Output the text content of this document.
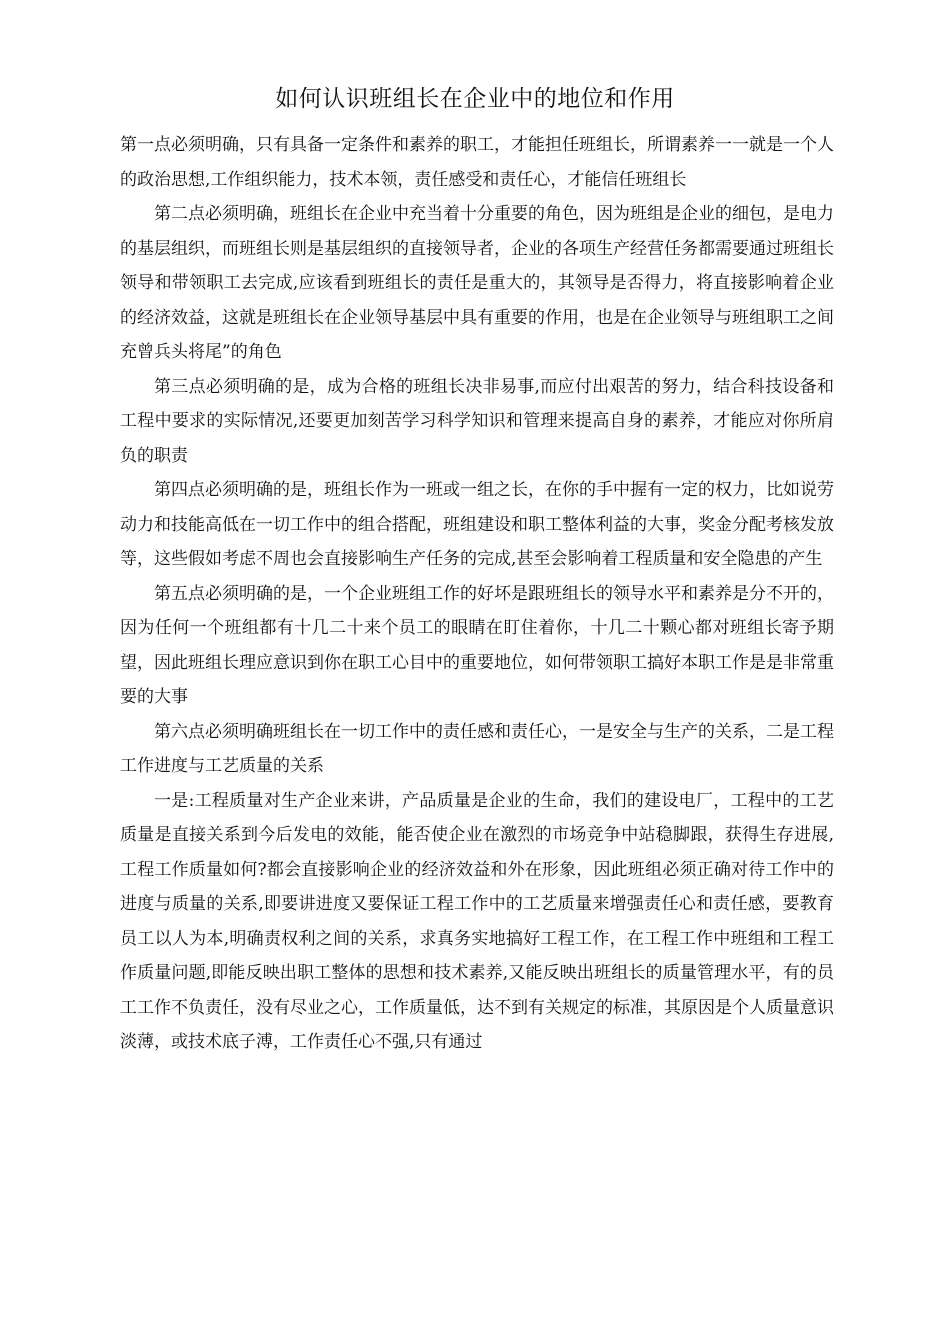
如何认识班组长在企业中的地位和作用

第一点必须明确，只有具备一定条件和素养的职工，才能担任班组长，所谓素养一一就是一个人的政治思想,工作组织能力，技术本领，责任感受和责任心，才能信任班组长

第二点必须明确，班组长在企业中充当着十分重要的角色，因为班组是企业的细包，是电力的基层组织，而班组长则是基层组织的直接领导者，企业的各项生产经营任务都需要通过班组长领导和带领职工去完成,应该看到班组长的责任是重大的，其领导是否得力，将直接影响着企业的经济效益，这就是班组长在企业领导基层中具有重要的作用，也是在企业领导与班组职工之间充曾兵头将尾”的角色

第三点必须明确的是，成为合格的班组长决非易事,而应付出艰苦的努力，结合科技设备和工程中要求的实际情况,还要更加刻苦学习科学知识和管理来提高自身的素养，才能应对你所肩负的职责

第四点必须明确的是，班组长作为一班或一组之长，在你的手中握有一定的权力，比如说劳动力和技能高低在一切工作中的组合搭配，班组建设和职工整体利益的大事，奖金分配考核发放等，这些假如考虑不周也会直接影响生产任务的完成,甚至会影响着工程质量和安全隐患的产生

第五点必须明确的是，一个企业班组工作的好坏是跟班组长的领导水平和素养是分不开的，因为任何一个班组都有十几二十来个员工的眼睛在盯住着你，十几二十颗心都对班组长寄予期望，因此班组长理应意识到你在职工心目中的重要地位，如何带领职工搞好本职工作是是非常重要的大事

第六点必须明确班组长在一切工作中的责任感和责任心，一是安全与生产的关系，二是工程工作进度与工艺质量的关系

一是:工程质量对生产企业来讲，产品质量是企业的生命，我们的建设电厂，工程中的工艺质量是直接关系到今后发电的效能，能否使企业在激烈的市场竞争中站稳脚跟，获得生存进展,工程工作质量如何?都会直接影响企业的经济效益和外在形象，因此班组必须正确对待工作中的进度与质量的关系,即要讲进度又要保证工程工作中的工艺质量来增强责任心和责任感，要教育员工以人为本,明确责权利之间的关系，求真务实地搞好工程工作，在工程工作中班组和工程工作质量问题,即能反映出职工整体的思想和技术素养,又能反映出班组长的质量管理水平，有的员工工作不负责任，没有尽业之心，工作质量低，达不到有关规定的标准，其原因是个人质量意识淡薄，或技术底子溥，工作责任心不强,只有通过
